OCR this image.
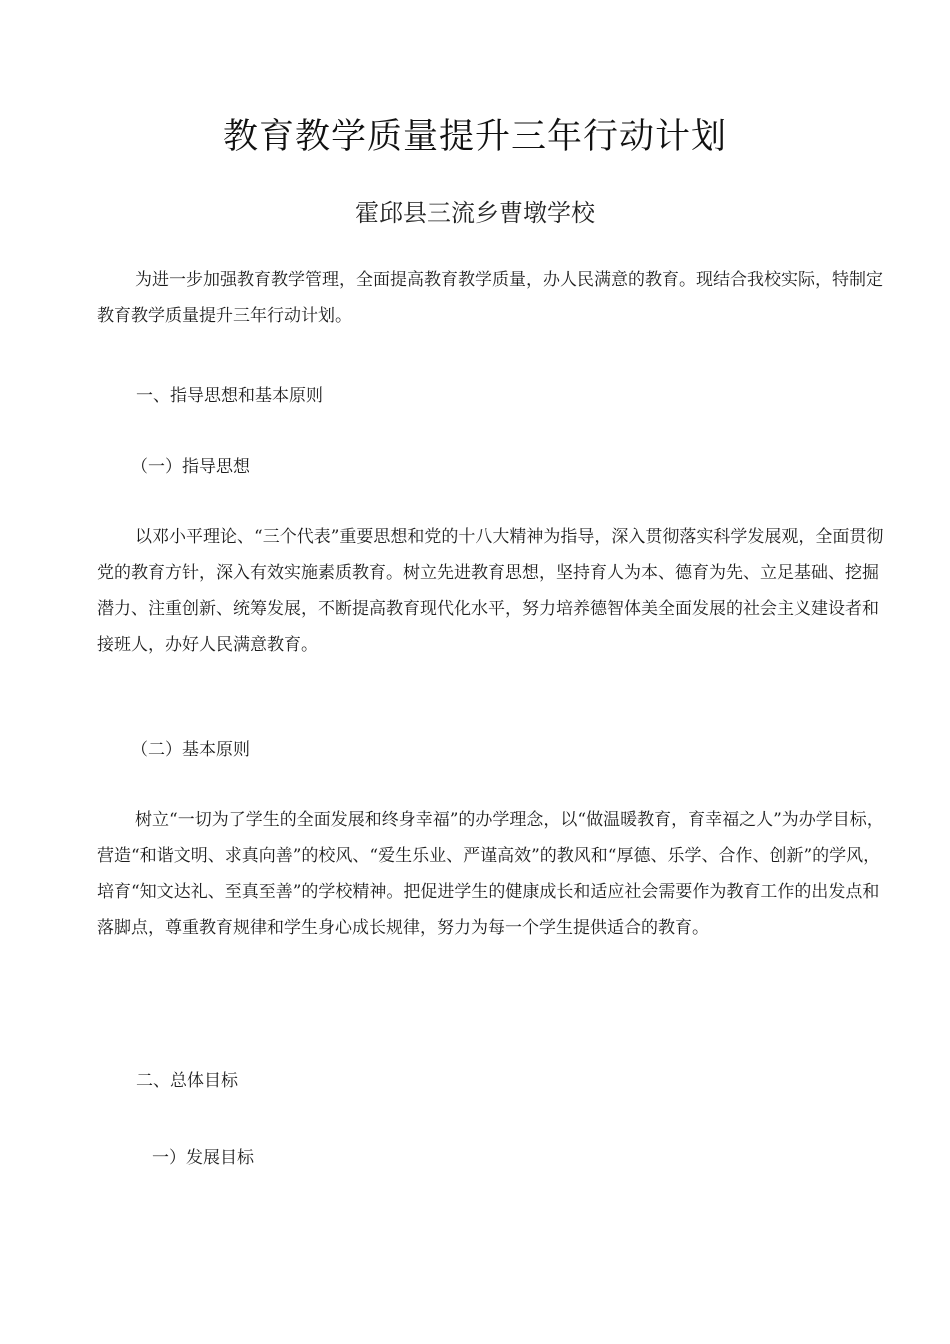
教育教学质量提升三年行动计划
霍邱县三流乡曹墩学校

为进一步加强教育教学管理，全面提高教育教学质量，办人民满意的教育。现结合我校实际，特制定教育教学质量提升三年行动计划。

一、指导思想和基本原则

（一）指导思想

以邓小平理论、“三个代表”重要思想和党的十八大精神为指导，深入贯彻落实科学发展观，全面贯彻党的教育方针，深入有效实施素质教育。树立先进教育思想，坚持育人为本、德育为先、立足基础、挖掘潜力、注重创新、统筹发展，不断提高教育现代化水平，努力培养德智体美全面发展的社会主义建设者和接班人，办好人民满意教育。

（二）基本原则

树立“一切为了学生的全面发展和终身幸福”的办学理念，以“做温暖教育，育幸福之人”为办学目标，营造“和谐文明、求真向善”的校风、“爱生乐业、严谨高效”的教风和“厚德、乐学、合作、创新”的学风，培育“知文达礼、至真至善”的学校精神。把促进学生的健康成长和适应社会需要作为教育工作的出发点和落脚点，尊重教育规律和学生身心成长规律，努力为每一个学生提供适合的教育。

二、总体目标

一）发展目标
